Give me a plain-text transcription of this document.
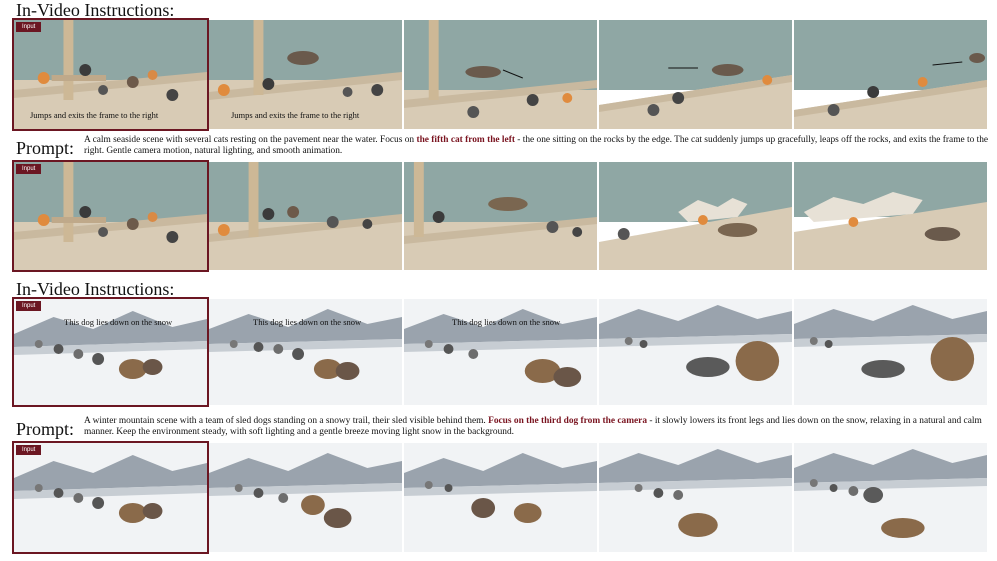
In-Video Instructions:
Input
Jumps and exits the frame to the right	Jumps and exits the frame to the right
Prompt: A calm seaside scene with several cats resting on the pavement near the water. Focus on the fifth cat from the left - the one sitting on the rocks by the edge. The cat suddenly jumps up gracefully, leaps off the rocks, and exits the frame to the right. Gentle camera motion, natural lighting, and smooth animation.
Input
In-Video Instructions:
Input
This dog lies down on the snow	This dog lies down on the snow	This dog lies down on the snow
Prompt: A winter mountain scene with a team of sled dogs standing on a snowy trail, their sled visible behind them. Focus on the third dog from the camera - it slowly lowers its front legs and lies down on the snow, relaxing in a natural and calm manner. Keep the environment steady, with soft lighting and a gentle breeze moving light snow in the background.
Input
